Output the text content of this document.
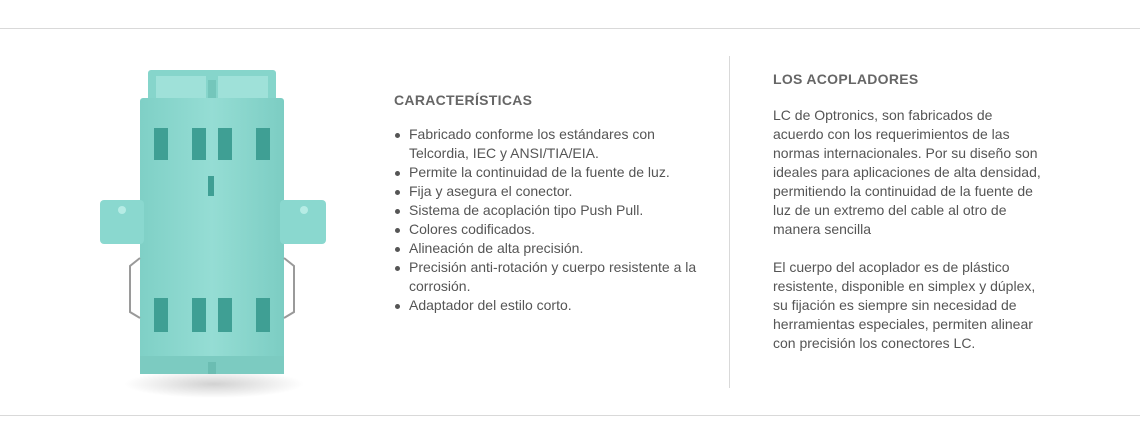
CARACTERÍSTICAS
Fabricado conforme los estándares con Telcordia, IEC y ANSI/TIA/EIA.
Permite la continuidad de la fuente de luz.
Fija y asegura el conector.
Sistema de acoplación tipo Push Pull.
Colores codificados.
Alineación de alta precisión.
Precisión anti-rotación y cuerpo resistente a la corrosión.
Adaptador del estilo corto.
LOS ACOPLADORES

LC de Optronics, son fabricados de acuerdo con los requerimientos de las normas internacionales. Por su diseño son ideales para aplicaciones de alta densidad, permitiendo la continuidad de la fuente de luz de un extremo del cable al otro de manera sencilla

El cuerpo del acoplador es de plástico resistente, disponible en simplex y dúplex, su fijación es siempre sin necesidad de herramientas especiales, permiten alinear con precisión los conectores LC.
